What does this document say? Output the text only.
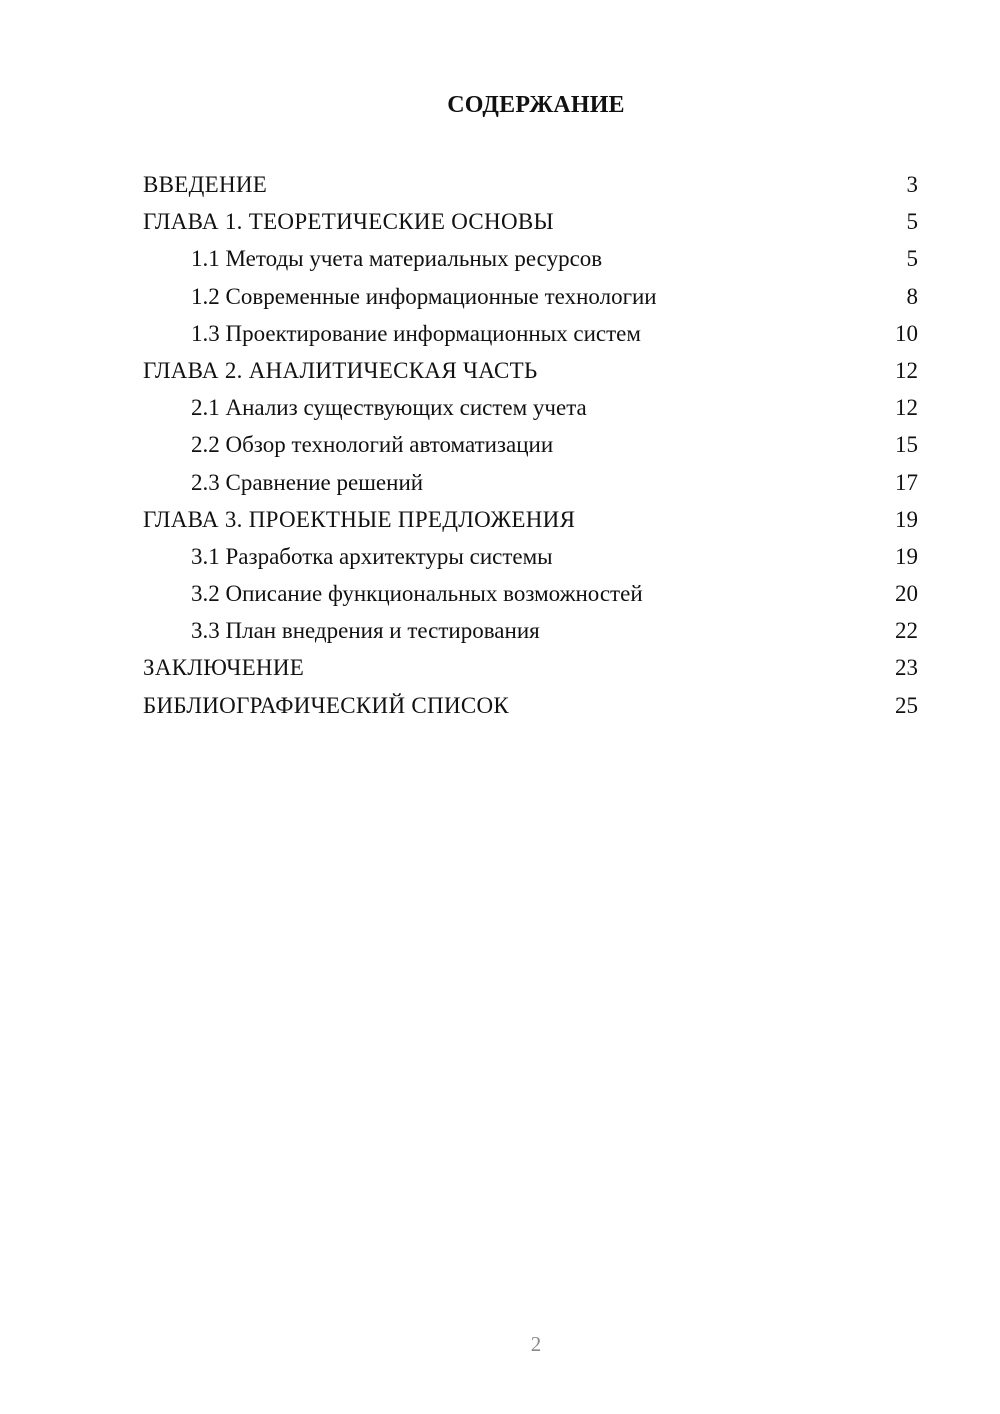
СОДЕРЖАНИЕ
ВВЕДЕНИЕ	3
ГЛАВА 1. ТЕОРЕТИЧЕСКИЕ ОСНОВЫ	5
1.1 Методы учета материальных ресурсов	5
1.2 Современные информационные технологии	8
1.3 Проектирование информационных систем	10
ГЛАВА 2. АНАЛИТИЧЕСКАЯ ЧАСТЬ	12
2.1 Анализ существующих систем учета	12
2.2 Обзор технологий автоматизации	15
2.3 Сравнение решений	17
ГЛАВА 3. ПРОЕКТНЫЕ ПРЕДЛОЖЕНИЯ	19
3.1 Разработка архитектуры системы	19
3.2 Описание функциональных возможностей	20
3.3 План внедрения и тестирования	22
ЗАКЛЮЧЕНИЕ	23
БИБЛИОГРАФИЧЕСКИЙ СПИСОК	25
2
